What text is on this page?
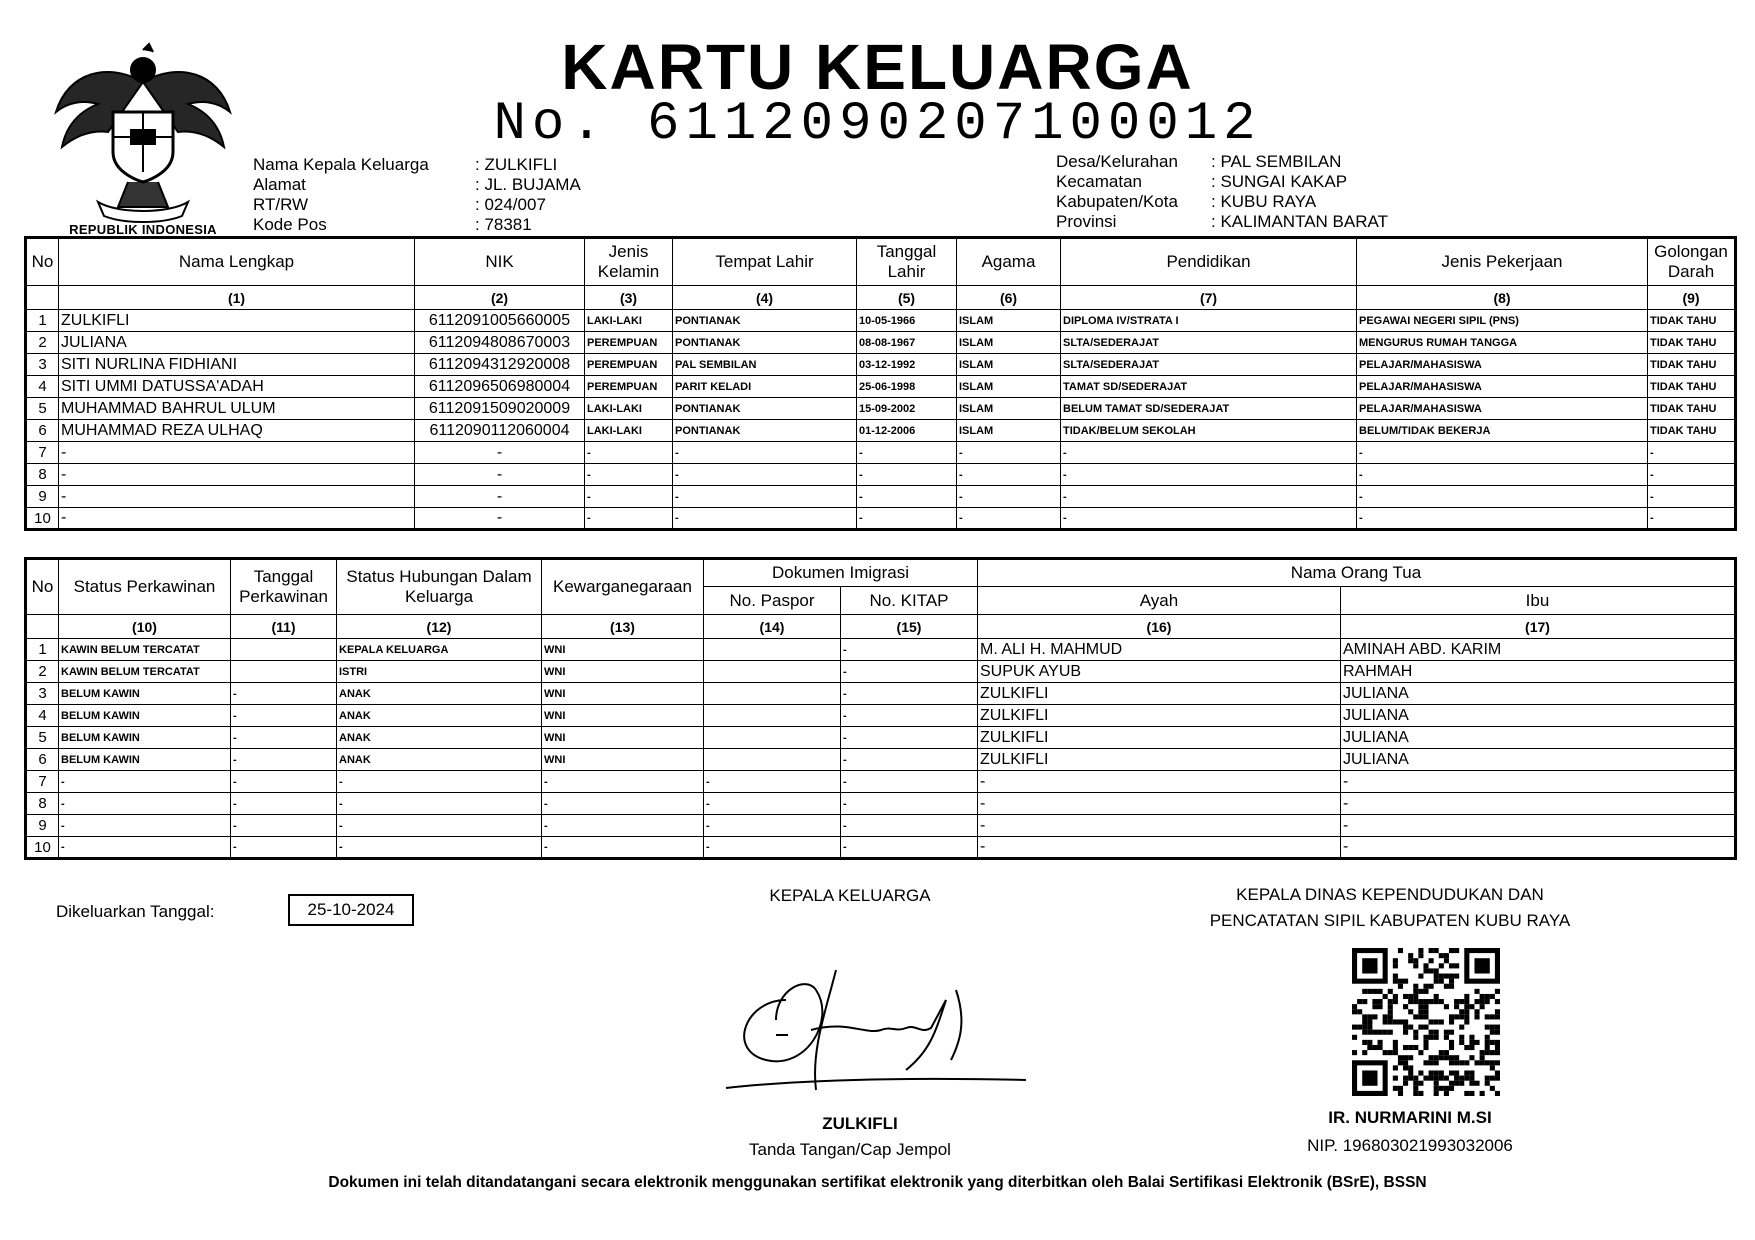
REPUBLIK INDONESIA
KARTU KELUARGA
No. 6112090207100012
Nama Kepala Keluarga	: ZULKIFLI
Alamat	: JL. BUJAMA
RT/RW	: 024/007
Kode Pos	: 78381
Desa/Kelurahan	: PAL SEMBILAN
Kecamatan	: SUNGAI KAKAP
Kabupaten/Kota	: KUBU RAYA
Provinsi	: KALIMANTAN BARAT
No	Nama Lengkap	NIK	Jenis Kelamin	Tempat Lahir	Tanggal Lahir	Agama	Pendidikan	Jenis Pekerjaan	Golongan Darah
	(1)	(2)	(3)	(4)	(5)	(6)	(7)	(8)	(9)
1	ZULKIFLI	6112091005660005	LAKI-LAKI	PONTIANAK	10-05-1966	ISLAM	DIPLOMA IV/STRATA I	PEGAWAI NEGERI SIPIL (PNS)	TIDAK TAHU
2	JULIANA	6112094808670003	PEREMPUAN	PONTIANAK	08-08-1967	ISLAM	SLTA/SEDERAJAT	MENGURUS RUMAH TANGGA	TIDAK TAHU
3	SITI NURLINA FIDHIANI	6112094312920008	PEREMPUAN	PAL SEMBILAN	03-12-1992	ISLAM	SLTA/SEDERAJAT	PELAJAR/MAHASISWA	TIDAK TAHU
4	SITI UMMI DATUSSA'ADAH	6112096506980004	PEREMPUAN	PARIT KELADI	25-06-1998	ISLAM	TAMAT SD/SEDERAJAT	PELAJAR/MAHASISWA	TIDAK TAHU
5	MUHAMMAD BAHRUL ULUM	6112091509020009	LAKI-LAKI	PONTIANAK	15-09-2002	ISLAM	BELUM TAMAT SD/SEDERAJAT	PELAJAR/MAHASISWA	TIDAK TAHU
6	MUHAMMAD REZA ULHAQ	6112090112060004	LAKI-LAKI	PONTIANAK	01-12-2006	ISLAM	TIDAK/BELUM SEKOLAH	BELUM/TIDAK BEKERJA	TIDAK TAHU
7	-	-	-	-	-	-	-	-	-
8	-	-	-	-	-	-	-	-	-
9	-	-	-	-	-	-	-	-	-
10	-	-	-	-	-	-	-	-	-
No	Status Perkawinan	Tanggal Perkawinan	Status Hubungan Dalam Keluarga	Kewarganegaraan	Dokumen Imigrasi		Nama Orang Tua	
					No. Paspor	No. KITAP	Ayah	Ibu
	(10)	(11)	(12)	(13)	(14)	(15)	(16)	(17)
1	KAWIN BELUM TERCATAT		KEPALA KELUARGA	WNI		-	M. ALI H. MAHMUD	AMINAH ABD. KARIM
2	KAWIN BELUM TERCATAT		ISTRI	WNI		-	SUPUK AYUB	RAHMAH
3	BELUM KAWIN	-	ANAK	WNI		-	ZULKIFLI	JULIANA
4	BELUM KAWIN	-	ANAK	WNI		-	ZULKIFLI	JULIANA
5	BELUM KAWIN	-	ANAK	WNI		-	ZULKIFLI	JULIANA
6	BELUM KAWIN	-	ANAK	WNI		-	ZULKIFLI	JULIANA
7	-	-	-	-	-	-	-	-
8	-	-	-	-	-	-	-	-
9	-	-	-	-	-	-	-	-
10	-	-	-	-	-	-	-	-
Dikeluarkan Tanggal:	25-10-2024
KEPALA KELUARGA
ZULKIFLI
Tanda Tangan/Cap Jempol
KEPALA DINAS KEPENDUDUKAN DAN
PENCATATAN SIPIL KABUPATEN KUBU RAYA
IR. NURMARINI M.SI
NIP. 196803021993032006
Dokumen ini telah ditandatangani secara elektronik menggunakan sertifikat elektronik yang diterbitkan oleh Balai Sertifikasi Elektronik (BSrE), BSSN
